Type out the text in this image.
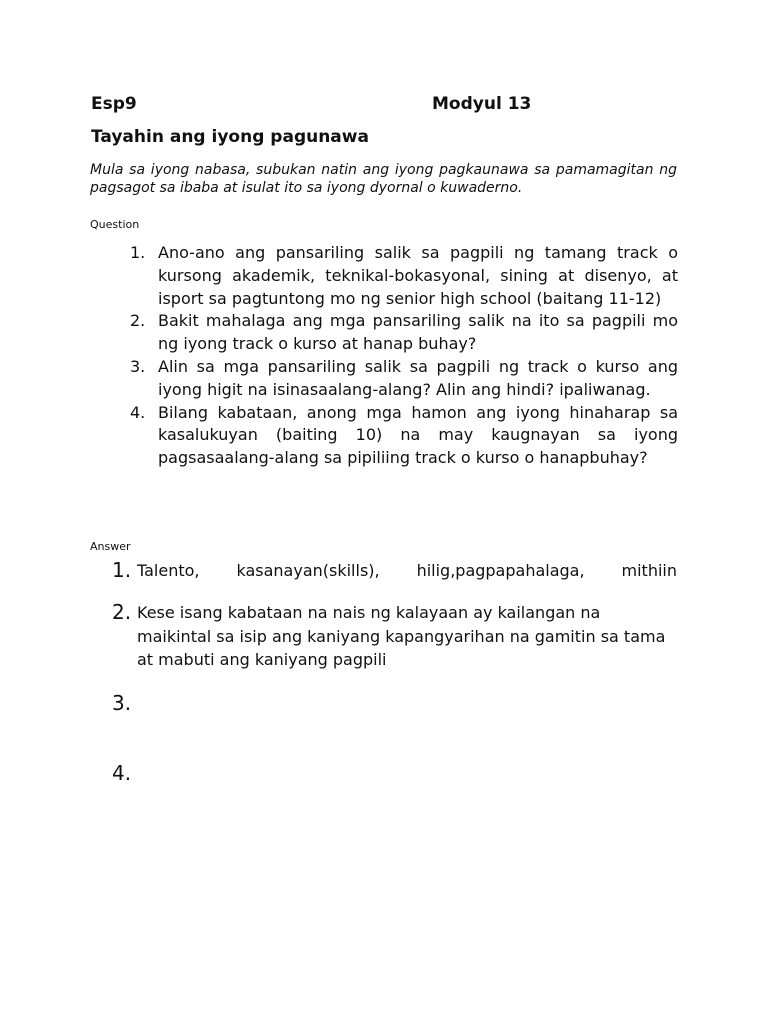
Esp9	Modyul 13
Tayahin ang iyong pagunawa
Mula sa iyong nabasa, subukan natin ang iyong pagkaunawa sa pamamagitan ng pagsagot sa ibaba at isulat ito sa iyong dyornal o kuwaderno.
Question
1. Ano-ano ang pansariling salik sa pagpili ng tamang track o kursong akademik, teknikal-bokasyonal, sining at disenyo, at isport sa pagtuntong mo ng senior high school (baitang 11-12)
2. Bakit mahalaga ang mga pansariling salik na ito sa pagpili mo ng iyong track o kurso at hanap buhay?
3. Alin sa mga pansariling salik sa pagpili ng track o kurso ang iyong higit na isinasaalang-alang? Alin ang hindi? ipaliwanag.
4. Bilang kabataan, anong mga hamon ang iyong hinaharap sa kasalukuyan (baiting 10) na may kaugnayan sa iyong pagsasaalang-alang sa pipiliing track o kurso o hanapbuhay?
Answer
1. Talento, kasanayan(skills), hilig,pagpapahalaga, mithiin
2. Kese isang kabataan na nais ng kalayaan ay kailangan na maikintal sa isip ang kaniyang kapangyarihan na gamitin sa tama at mabuti ang kaniyang pagpili
3.
4.
